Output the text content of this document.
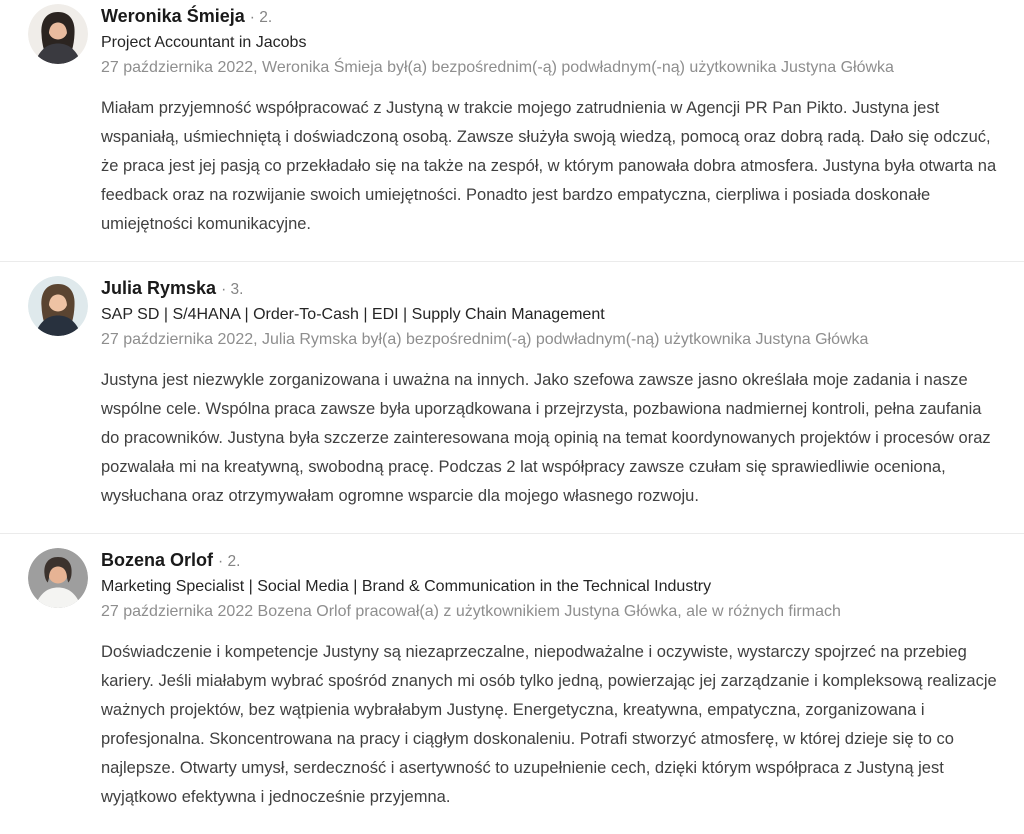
Weronika Śmieja · 2.
Project Accountant in Jacobs
27 października 2022, Weronika Śmieja był(a) bezpośrednim(-ą) podwładnym(-ną) użytkownika Justyna Główka

Miałam przyjemność współpracować z Justyną w trakcie mojego zatrudnienia w Agencji PR Pan Pikto. Justyna jest wspaniałą, uśmiechniętą i doświadczoną osobą. Zawsze służyła swoją wiedzą, pomocą oraz dobrą radą. Dało się odczuć, że praca jest jej pasją co przekładało się na także na zespół, w którym panowała dobra atmosfera. Justyna była otwarta na feedback oraz na rozwijanie swoich umiejętności. Ponadto jest bardzo empatyczna, cierpliwa i posiada doskonałe umiejętności komunikacyjne.

Julia Rymska · 3.
SAP SD | S/4HANA | Order-To-Cash | EDI | Supply Chain Management
27 października 2022, Julia Rymska był(a) bezpośrednim(-ą) podwładnym(-ną) użytkownika Justyna Główka

Justyna jest niezwykle zorganizowana i uważna na innych. Jako szefowa zawsze jasno określała moje zadania i nasze wspólne cele. Wspólna praca zawsze była uporządkowana i przejrzysta, pozbawiona nadmiernej kontroli, pełna zaufania do pracowników. Justyna była szczerze zainteresowana moją opinią na temat koordynowanych projektów i procesów oraz pozwalała mi na kreatywną, swobodną pracę. Podczas 2 lat współpracy zawsze czułam się sprawiedliwie oceniona, wysłuchana oraz otrzymywałam ogromne wsparcie dla mojego własnego rozwoju.

Bozena Orlof · 2.
Marketing Specialist | Social Media | Brand & Communication in the Technical Industry
27 października 2022 Bozena Orlof pracował(a) z użytkownikiem Justyna Główka, ale w różnych firmach

Doświadczenie i kompetencje Justyny są niezaprzeczalne, niepodważalne i oczywiste, wystarczy spojrzeć na przebieg kariery. Jeśli miałabym wybrać spośród znanych mi osób tylko jedną, powierzając jej zarządzanie i kompleksową realizacje ważnych projektów, bez wątpienia wybrałabym Justynę. Energetyczna, kreatywna, empatyczna, zorganizowana i profesjonalna. Skoncentrowana na pracy i ciągłym doskonaleniu. Potrafi stworzyć atmosferę, w której dzieje się to co najlepsze. Otwarty umysł, serdeczność i asertywność to uzupełnienie cech, dzięki którym współpraca z Justyną jest wyjątkowo efektywna i jednocześnie przyjemna.
